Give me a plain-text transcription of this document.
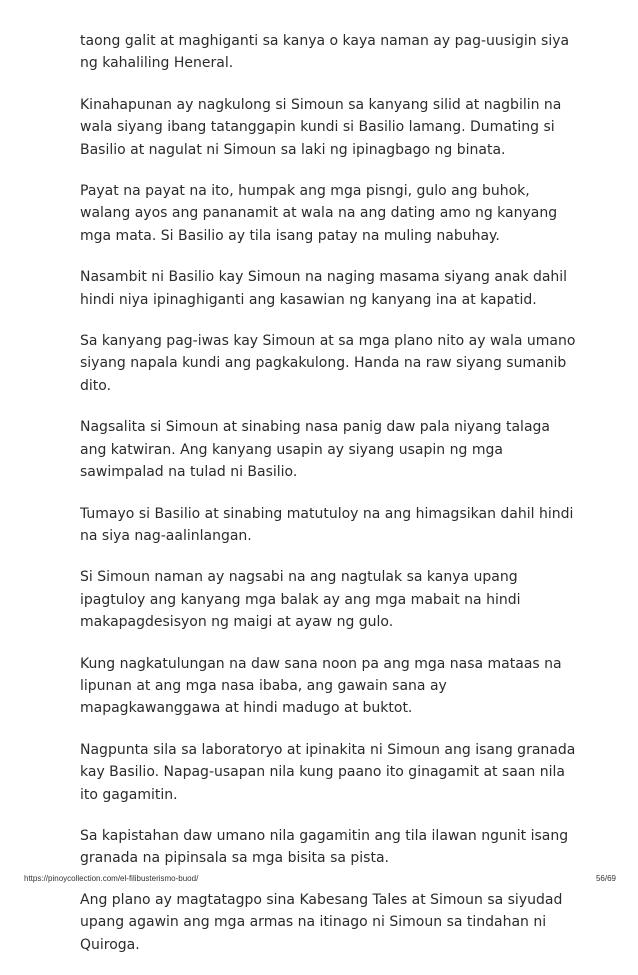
taong galit at maghiganti sa kanya o kaya naman ay pag-uusigin siya ng kahaliling Heneral.

Kinahapunan ay nagkulong si Simoun sa kanyang silid at nagbilin na wala siyang ibang tatanggapin kundi si Basilio lamang. Dumating si Basilio at nagulat ni Simoun sa laki ng ipinagbago ng binata.

Payat na payat na ito, humpak ang mga pisngi, gulo ang buhok, walang ayos ang pananamit at wala na ang dating amo ng kanyang mga mata. Si Basilio ay tila isang patay na muling nabuhay.

Nasambit ni Basilio kay Simoun na naging masama siyang anak dahil hindi niya ipinaghiganti ang kasawian ng kanyang ina at kapatid.

Sa kanyang pag-iwas kay Simoun at sa mga plano nito ay wala umano siyang napala kundi ang pagkakulong. Handa na raw siyang sumanib dito.

Nagsalita si Simoun at sinabing nasa panig daw pala niyang talaga ang katwiran. Ang kanyang usapin ay siyang usapin ng mga sawimpalad na tulad ni Basilio.

Tumayo si Basilio at sinabing matutuloy na ang himagsikan dahil hindi na siya nag-aalinlangan.

Si Simoun naman ay nagsabi na ang nagtulak sa kanya upang ipagtuloy ang kanyang mga balak ay ang mga mabait na hindi makapagdesisyon ng maigi at ayaw ng gulo.

Kung nagkatulungan na daw sana noon pa ang mga nasa mataas na lipunan at ang mga nasa ibaba, ang gawain sana ay mapagkawanggawa at hindi madugo at buktot.

Nagpunta sila sa laboratoryo at ipinakita ni Simoun ang isang granada kay Basilio. Napag-usapan nila kung paano ito ginagamit at saan nila ito gagamitin.

Sa kapistahan daw umano nila gagamitin ang tila ilawan ngunit isang granada na pipinsala sa mga bisita sa pista.

Ang plano ay magtatagpo sina Kabesang Tales at Simoun sa siyudad upang agawin ang mga armas na itinago ni Simoun sa tindahan ni Quiroga.

https://pinoycollection.com/el-filibusterismo-buod/	56/69
